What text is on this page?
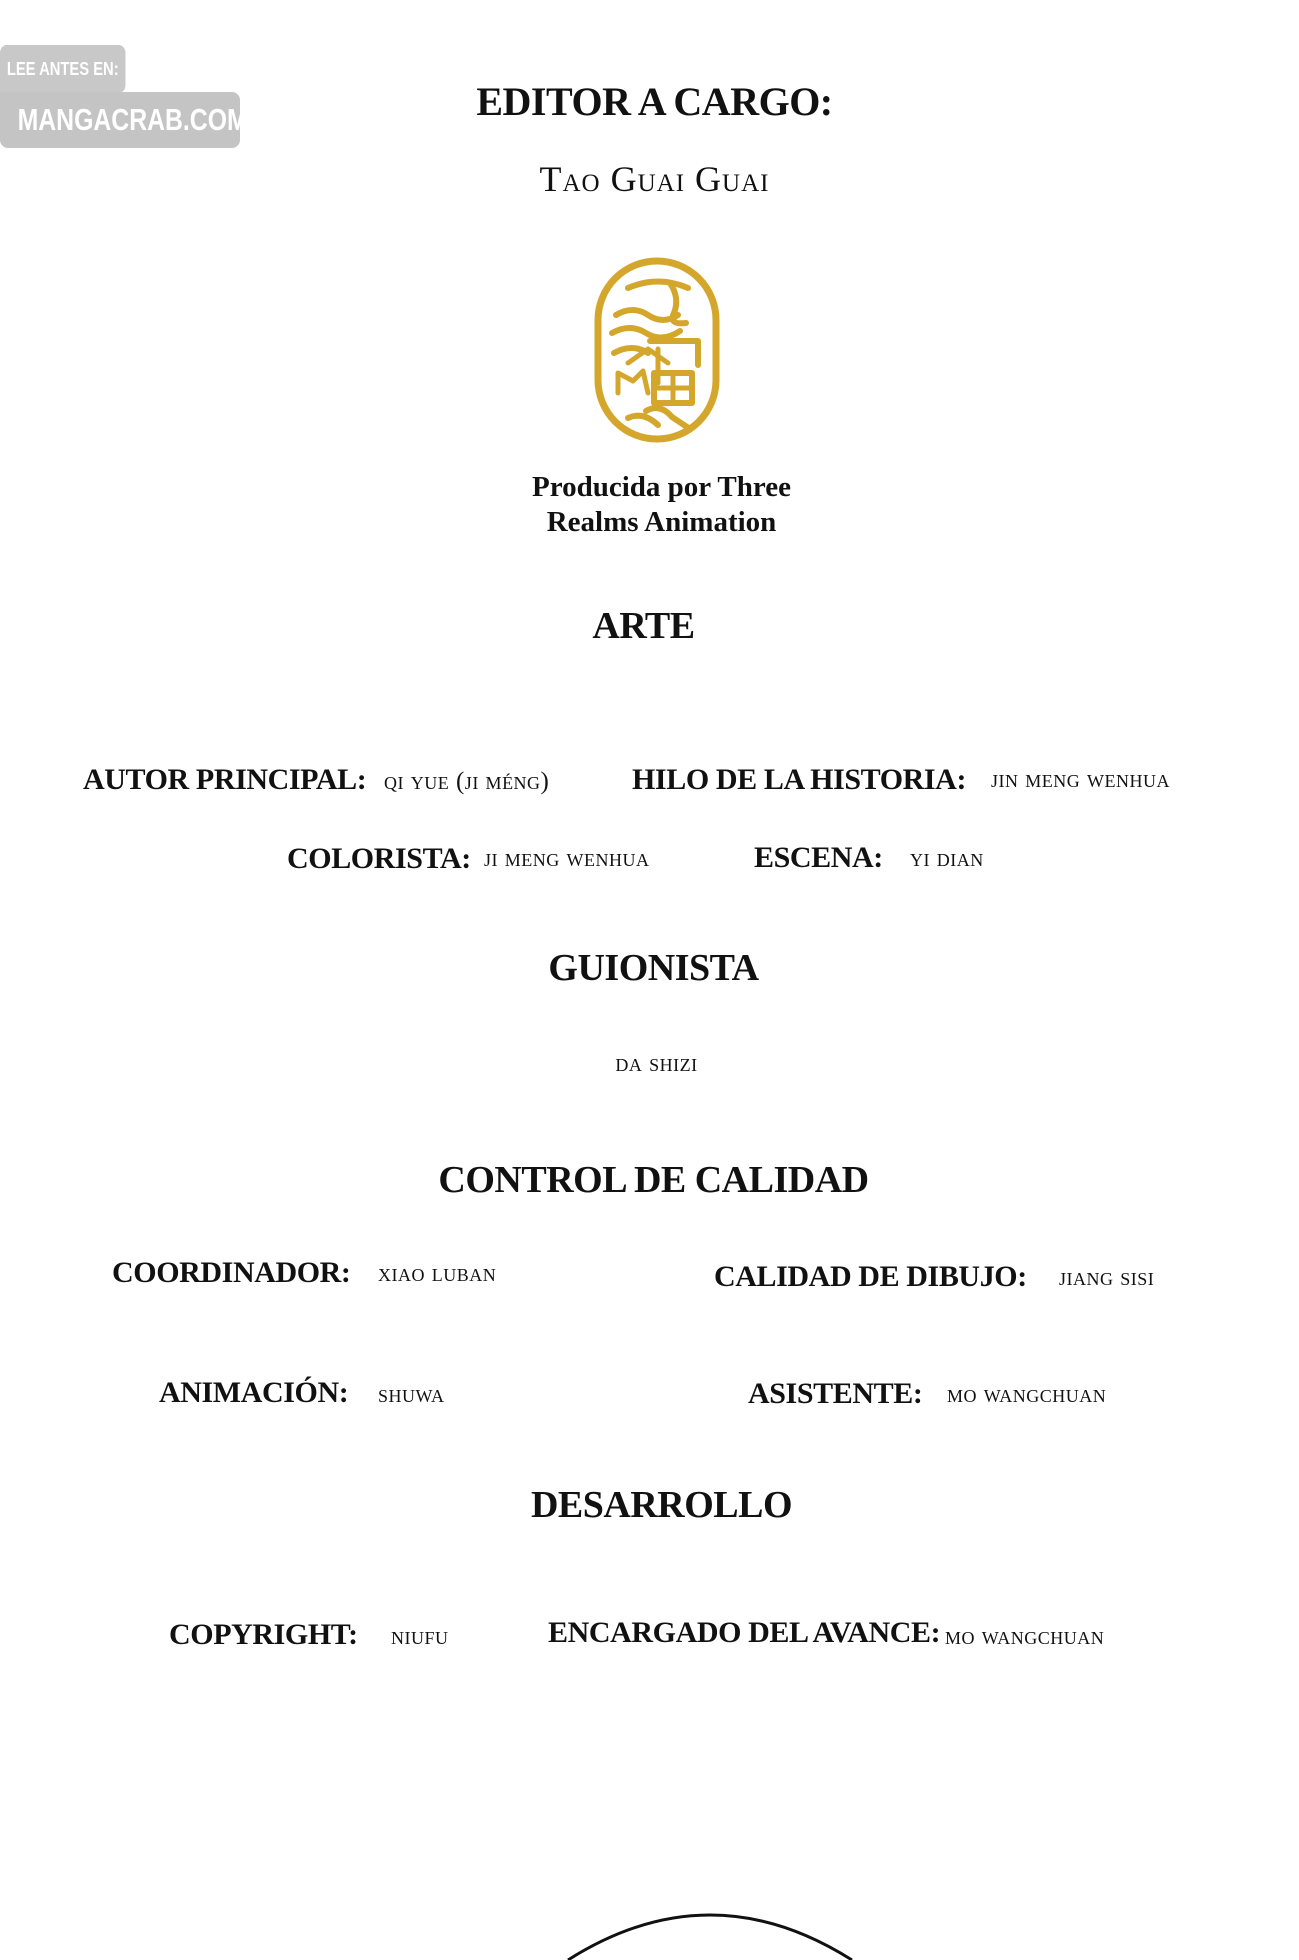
LEE ANTES EN:
MANGACRAB.COM	EDITOR A CARGO:
Tao Guai Guai
Producida por Three
Realms Animation
ARTE
AUTOR PRINCIPAL: qi yue (ji méng)	HILO DE LA HISTORIA: jin meng wenhua
COLORISTA: ji meng wenhua	ESCENA: yi dian
GUIONISTA
da shizi
CONTROL DE CALIDAD
COORDINADOR: xiao luban	CALIDAD DE DIBUJO: jiang sisi
ANIMACIÓN: shuwa	ASISTENTE: mo wangchuan
DESARROLLO
COPYRIGHT: niufu	ENCARGADO DEL AVANCE: mo wangchuan
